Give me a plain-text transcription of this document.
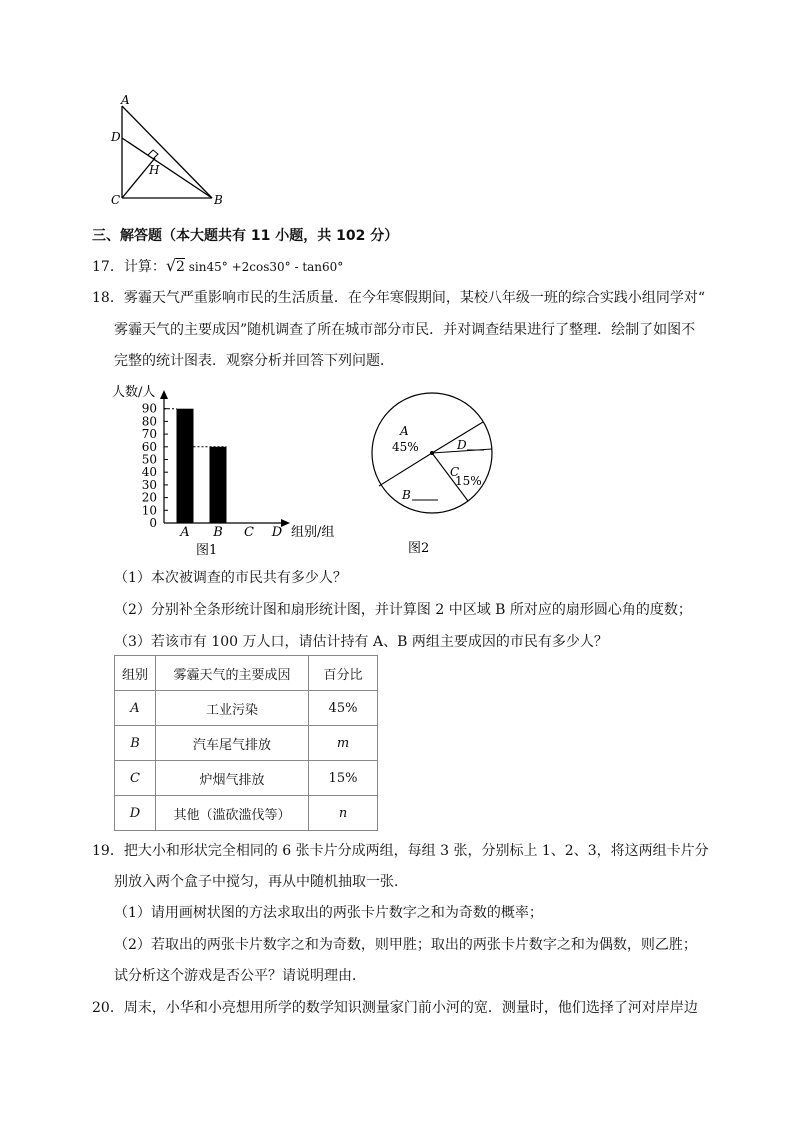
A
D
H
C	B
三、解答题（本大题共有 11 小题，共 102 分）
17．计算：√2 sin45° +2cos30° - tan60°
18．雾霾天气严重影响市民的生活质量．在今年寒假期间，某校八年级一班的综合实践小组同学对“
雾霾天气的主要成因”随机调查了所在城市部分市民．并对调查结果进行了整理．绘制了如图不
完整的统计图表．观察分析并回答下列问题．
人数/人
0
10
20
30
40
50
60
70
80
90
A B C D 组别/组
图1
A
45%	D
C
15%
B
图2
（1）本次被调查的市民共有多少人？
（2）分别补全条形统计图和扇形统计图，并计算图 2 中区域 B 所对应的扇形圆心角的度数；
（3）若该市有 100 万人口，请估计持有 A、B 两组主要成因的市民有多少人？
组别	雾霾天气的主要成因	百分比
A	工业污染	45%
B	汽车尾气排放	m
C	炉烟气排放	15%
D	其他（滥砍滥伐等）	n
19．把大小和形状完全相同的 6 张卡片分成两组，每组 3 张，分别标上 1、2、3，将这两组卡片分
别放入两个盒子中搅匀，再从中随机抽取一张．
（1）请用画树状图的方法求取出的两张卡片数字之和为奇数的概率；
（2）若取出的两张卡片数字之和为奇数，则甲胜；取出的两张卡片数字之和为偶数，则乙胜；
试分析这个游戏是否公平？请说明理由．
20．周末，小华和小亮想用所学的数学知识测量家门前小河的宽．测量时，他们选择了河对岸岸边
